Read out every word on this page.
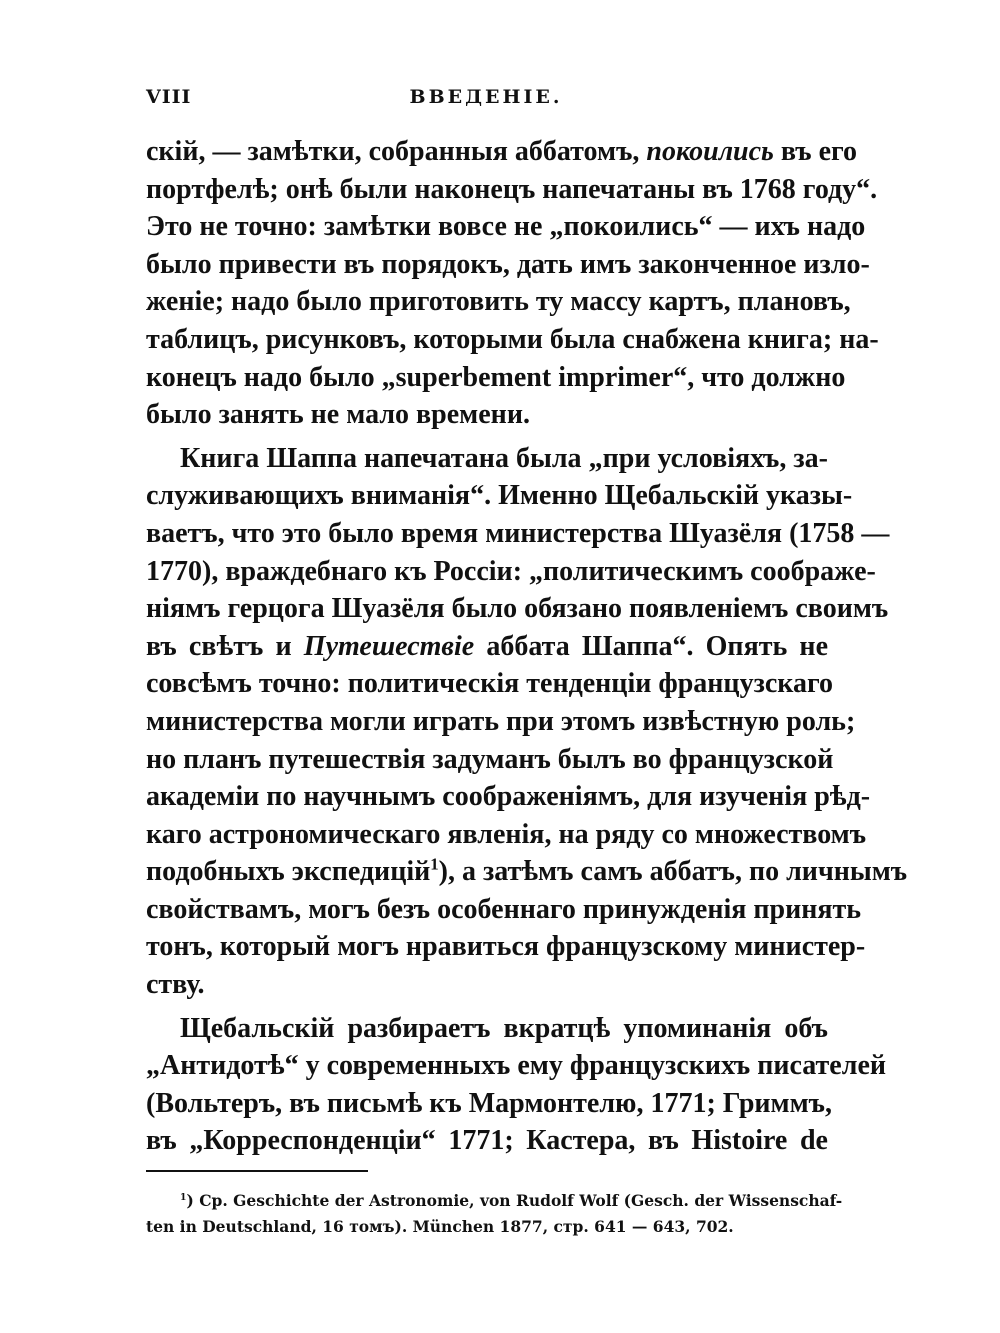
VIII	ВВЕДЕНІЕ.
скій, — замѣтки, собранныя аббатомъ, покоились въ его
портфелѣ; онѣ были наконецъ напечатаны въ 1768 году“.
Это не точно: замѣтки вовсе не „покоились“ — ихъ надо
было привести въ порядокъ, дать имъ законченное изло-
женіе; надо было приготовить ту массу картъ, плановъ,
таблицъ, рисунковъ, которыми была снабжена книга; на-
конецъ надо было „superbement imprimer“, что должно
было занять не мало времени.
Книга Шаппа напечатана была „при условіяхъ, за-
служивающихъ вниманія“. Именно Щебальскій указы-
ваетъ, что это было время министерства Шуазёля (1758 —
1770), враждебнаго къ Россіи: „политическимъ соображе-
ніямъ герцога Шуазёля было обязано появленіемъ своимъ
въ свѣтъ и Путешествіе аббата Шаппа“. Опять не
совсѣмъ точно: политическія тенденціи французскаго
министерства могли играть при этомъ извѣстную роль;
но планъ путешествія задуманъ былъ во французской
академіи по научнымъ соображеніямъ, для изученія рѣд-
каго астрономическаго явленія, на ряду со множествомъ
подобныхъ экспедицій$^1$), а затѣмъ самъ аббатъ, по личнымъ
свойствамъ, могъ безъ особеннаго принужденія принять
тонъ, который могъ нравиться французскому министер-
ству.
Щебальскій разбираетъ вкратцѣ упоминанія объ
„Антидотѣ“ у современныхъ ему французскихъ писателей
(Вольтеръ, въ письмѣ къ Мармонтелю, 1771; Гриммъ,
въ „Корреспонденціи“ 1771; Кастера, въ Histoire de
$^1$) Cp. Geschichte der Astronomie, von Rudolf Wolf (Gesch. der Wissenschaf-
ten in Deutschland, 16 томъ). München 1877, стр. 641 — 643, 702.
